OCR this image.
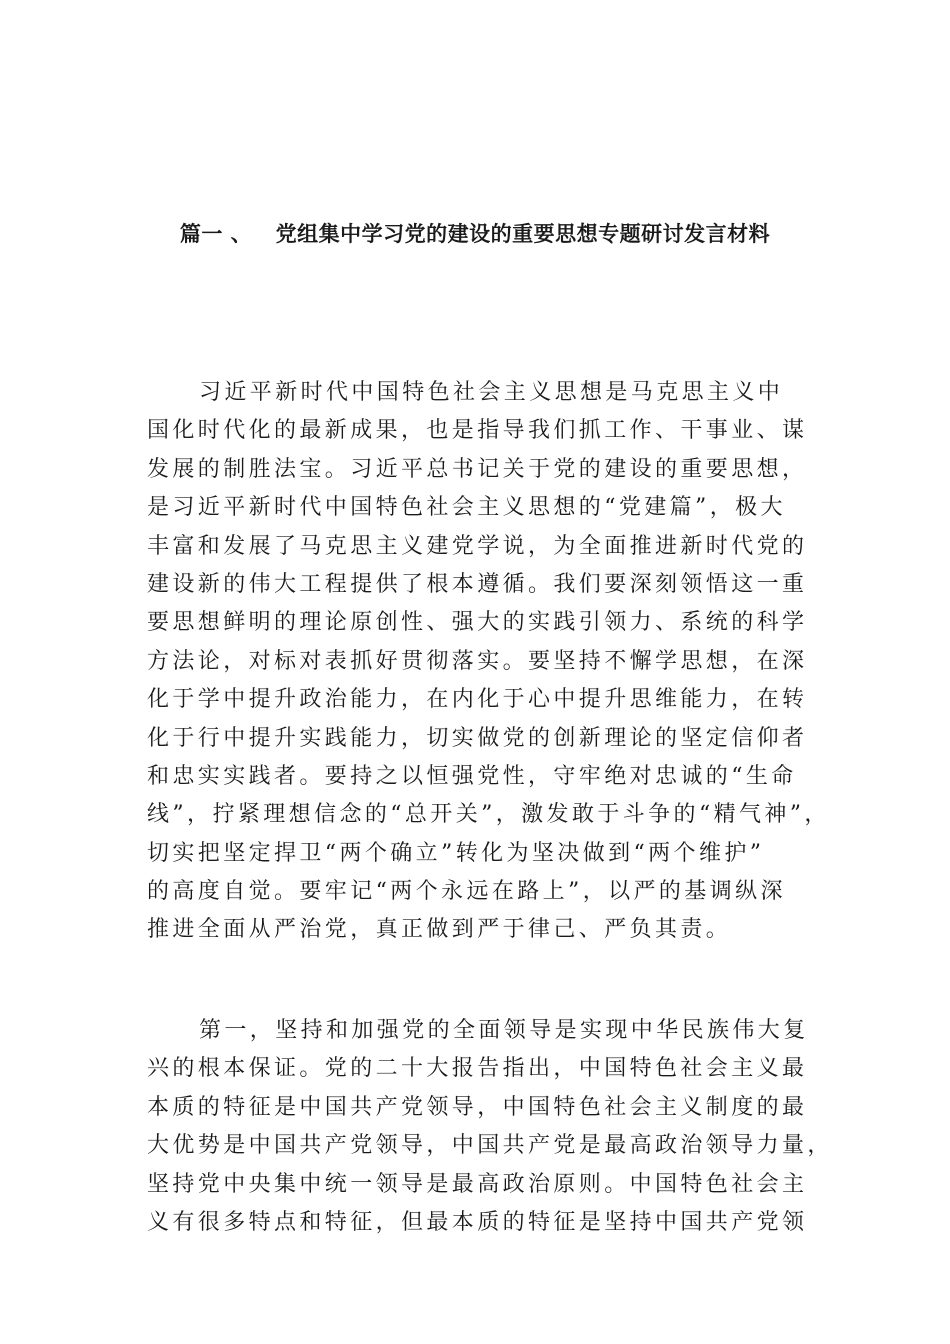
篇一 、   党组集中学习党的建设的重要思想专题研讨发言材料
习近平新时代中国特色社会主义思想是马克思主义中
国化时代化的最新成果，也是指导我们抓工作、干事业、谋
发展的制胜法宝。习近平总书记关于党的建设的重要思想，
是习近平新时代中国特色社会主义思想的“党建篇”，极大
丰富和发展了马克思主义建党学说，为全面推进新时代党的
建设新的伟大工程提供了根本遵循。我们要深刻领悟这一重
要思想鲜明的理论原创性、强大的实践引领力、系统的科学
方法论，对标对表抓好贯彻落实。要坚持不懈学思想，在深
化于学中提升政治能力，在内化于心中提升思维能力，在转
化于行中提升实践能力，切实做党的创新理论的坚定信仰者
和忠实实践者。要持之以恒强党性，守牢绝对忠诚的“生命
线”，拧紧理想信念的“总开关”，激发敢于斗争的“精气神”，
切实把坚定捍卫“两个确立”转化为坚决做到“两个维护”
的高度自觉。要牢记“两个永远在路上”，以严的基调纵深
推进全面从严治党，真正做到严于律己、严负其责。
第一，坚持和加强党的全面领导是实现中华民族伟大复
兴的根本保证。党的二十大报告指出，中国特色社会主义最
本质的特征是中国共产党领导，中国特色社会主义制度的最
大优势是中国共产党领导，中国共产党是最高政治领导力量，
坚持党中央集中统一领导是最高政治原则。中国特色社会主
义有很多特点和特征，但最本质的特征是坚持中国共产党领
